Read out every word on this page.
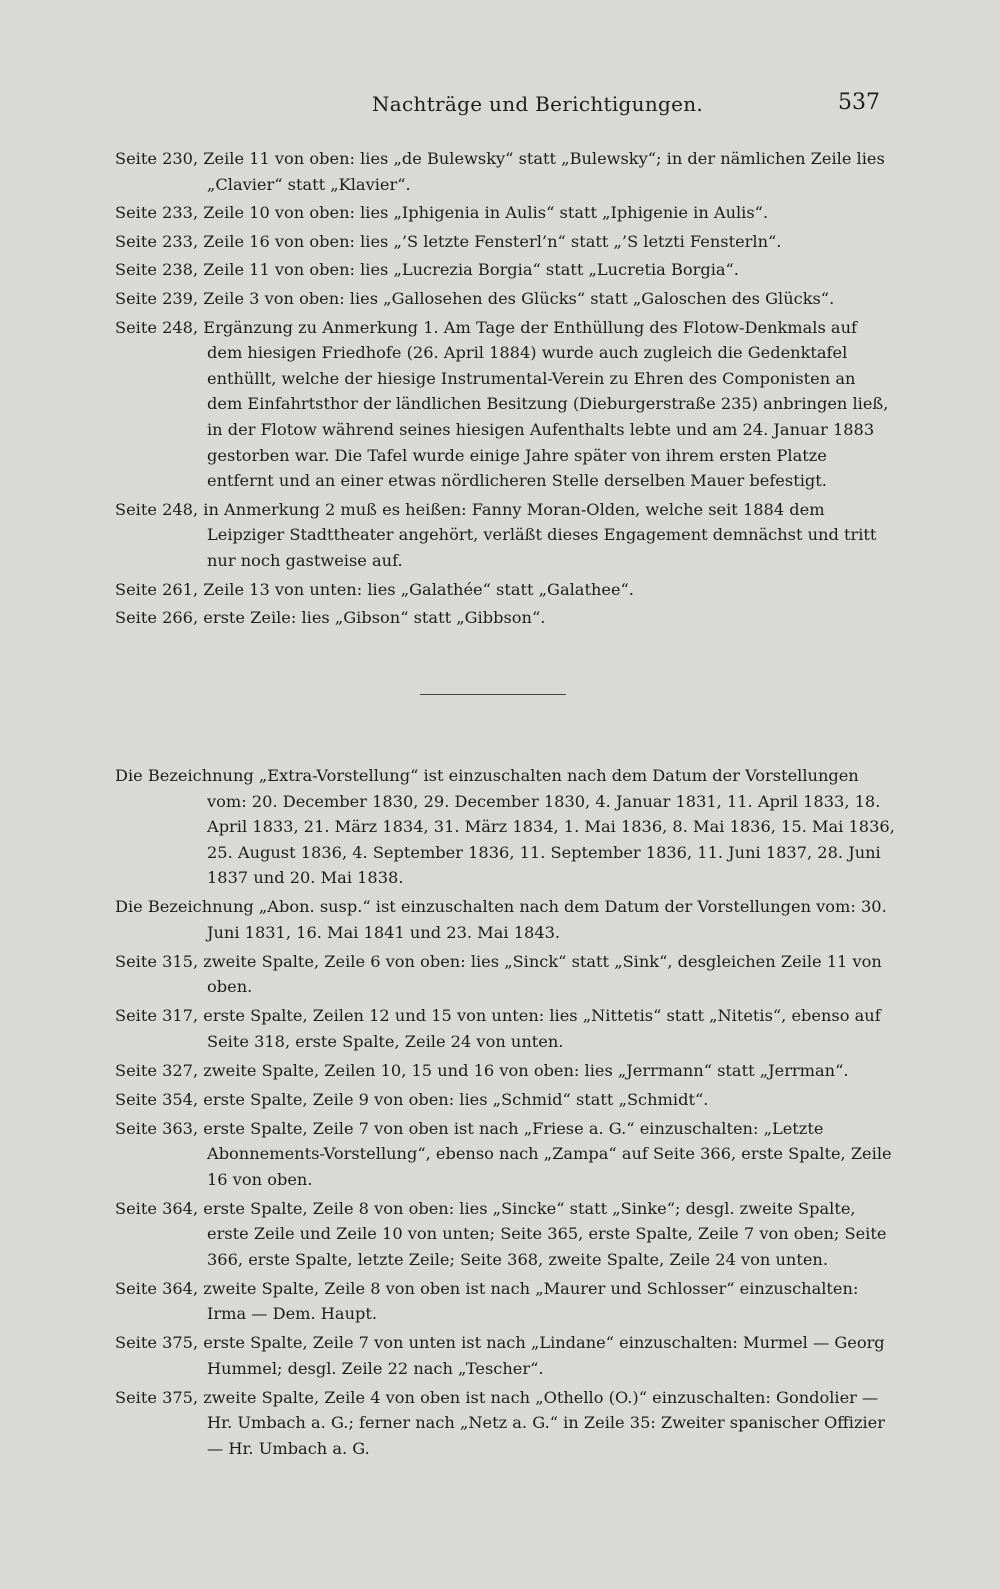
Nachträge und Berichtigungen.	537

Seite 230, Zeile 11 von oben: lies „de Bulewsky“ statt „Bulewsky“; in der nämlichen Zeile lies „Clavier“ statt „Klavier“.

Seite 233, Zeile 10 von oben: lies „Iphigenia in Aulis“ statt „Iphigenie in Aulis“.

Seite 233, Zeile 16 von oben: lies „’S letzte Fensterl’n“ statt „’S letzti Fensterln“.

Seite 238, Zeile 11 von oben: lies „Lucrezia Borgia“ statt „Lucretia Borgia“.

Seite 239, Zeile 3 von oben: lies „Gallosehen des Glücks“ statt „Galoschen des Glücks“.

Seite 248, Ergänzung zu Anmerkung 1. Am Tage der Enthüllung des Flotow-Denkmals auf dem hiesigen Friedhofe (26. April 1884) wurde auch zugleich die Gedenktafel enthüllt, welche der hiesige Instrumental-Verein zu Ehren des Componisten an dem Einfahrtsthor der ländlichen Besitzung (Dieburgerstraße 235) anbringen ließ, in der Flotow während seines hiesigen Aufenthalts lebte und am 24. Januar 1883 gestorben war. Die Tafel wurde einige Jahre später von ihrem ersten Platze entfernt und an einer etwas nördlicheren Stelle derselben Mauer befestigt.

Seite 248, in Anmerkung 2 muß es heißen: Fanny Moran-Olden, welche seit 1884 dem Leipziger Stadttheater angehört, verläßt dieses Engagement demnächst und tritt nur noch gastweise auf.

Seite 261, Zeile 13 von unten: lies „Galathée“ statt „Galathee“.

Seite 266, erste Zeile: lies „Gibson“ statt „Gibbson“.

Die Bezeichnung „Extra-Vorstellung“ ist einzuschalten nach dem Datum der Vorstellungen vom: 20. December 1830, 29. December 1830, 4. Januar 1831, 11. April 1833, 18. April 1833, 21. März 1834, 31. März 1834, 1. Mai 1836, 8. Mai 1836, 15. Mai 1836, 25. August 1836, 4. September 1836, 11. September 1836, 11. Juni 1837, 28. Juni 1837 und 20. Mai 1838.

Die Bezeichnung „Abon. susp.“ ist einzuschalten nach dem Datum der Vorstellungen vom: 30. Juni 1831, 16. Mai 1841 und 23. Mai 1843.

Seite 315, zweite Spalte, Zeile 6 von oben: lies „Sinck“ statt „Sink“, desgleichen Zeile 11 von oben.

Seite 317, erste Spalte, Zeilen 12 und 15 von unten: lies „Nittetis“ statt „Nitetis“, ebenso auf Seite 318, erste Spalte, Zeile 24 von unten.

Seite 327, zweite Spalte, Zeilen 10, 15 und 16 von oben: lies „Jerrmann“ statt „Jerrman“.

Seite 354, erste Spalte, Zeile 9 von oben: lies „Schmid“ statt „Schmidt“.

Seite 363, erste Spalte, Zeile 7 von oben ist nach „Friese a. G.“ einzuschalten: „Letzte Abonnements-Vorstellung“, ebenso nach „Zampa“ auf Seite 366, erste Spalte, Zeile 16 von oben.

Seite 364, erste Spalte, Zeile 8 von oben: lies „Sincke“ statt „Sinke“; desgl. zweite Spalte, erste Zeile und Zeile 10 von unten; Seite 365, erste Spalte, Zeile 7 von oben; Seite 366, erste Spalte, letzte Zeile; Seite 368, zweite Spalte, Zeile 24 von unten.

Seite 364, zweite Spalte, Zeile 8 von oben ist nach „Maurer und Schlosser“ einzuschalten: Irma — Dem. Haupt.

Seite 375, erste Spalte, Zeile 7 von unten ist nach „Lindane“ einzuschalten: Murmel — Georg Hummel; desgl. Zeile 22 nach „Tescher“.

Seite 375, zweite Spalte, Zeile 4 von oben ist nach „Othello (O.)“ einzuschalten: Gondolier — Hr. Umbach a. G.; ferner nach „Netz a. G.“ in Zeile 35: Zweiter spanischer Offizier — Hr. Umbach a. G.
